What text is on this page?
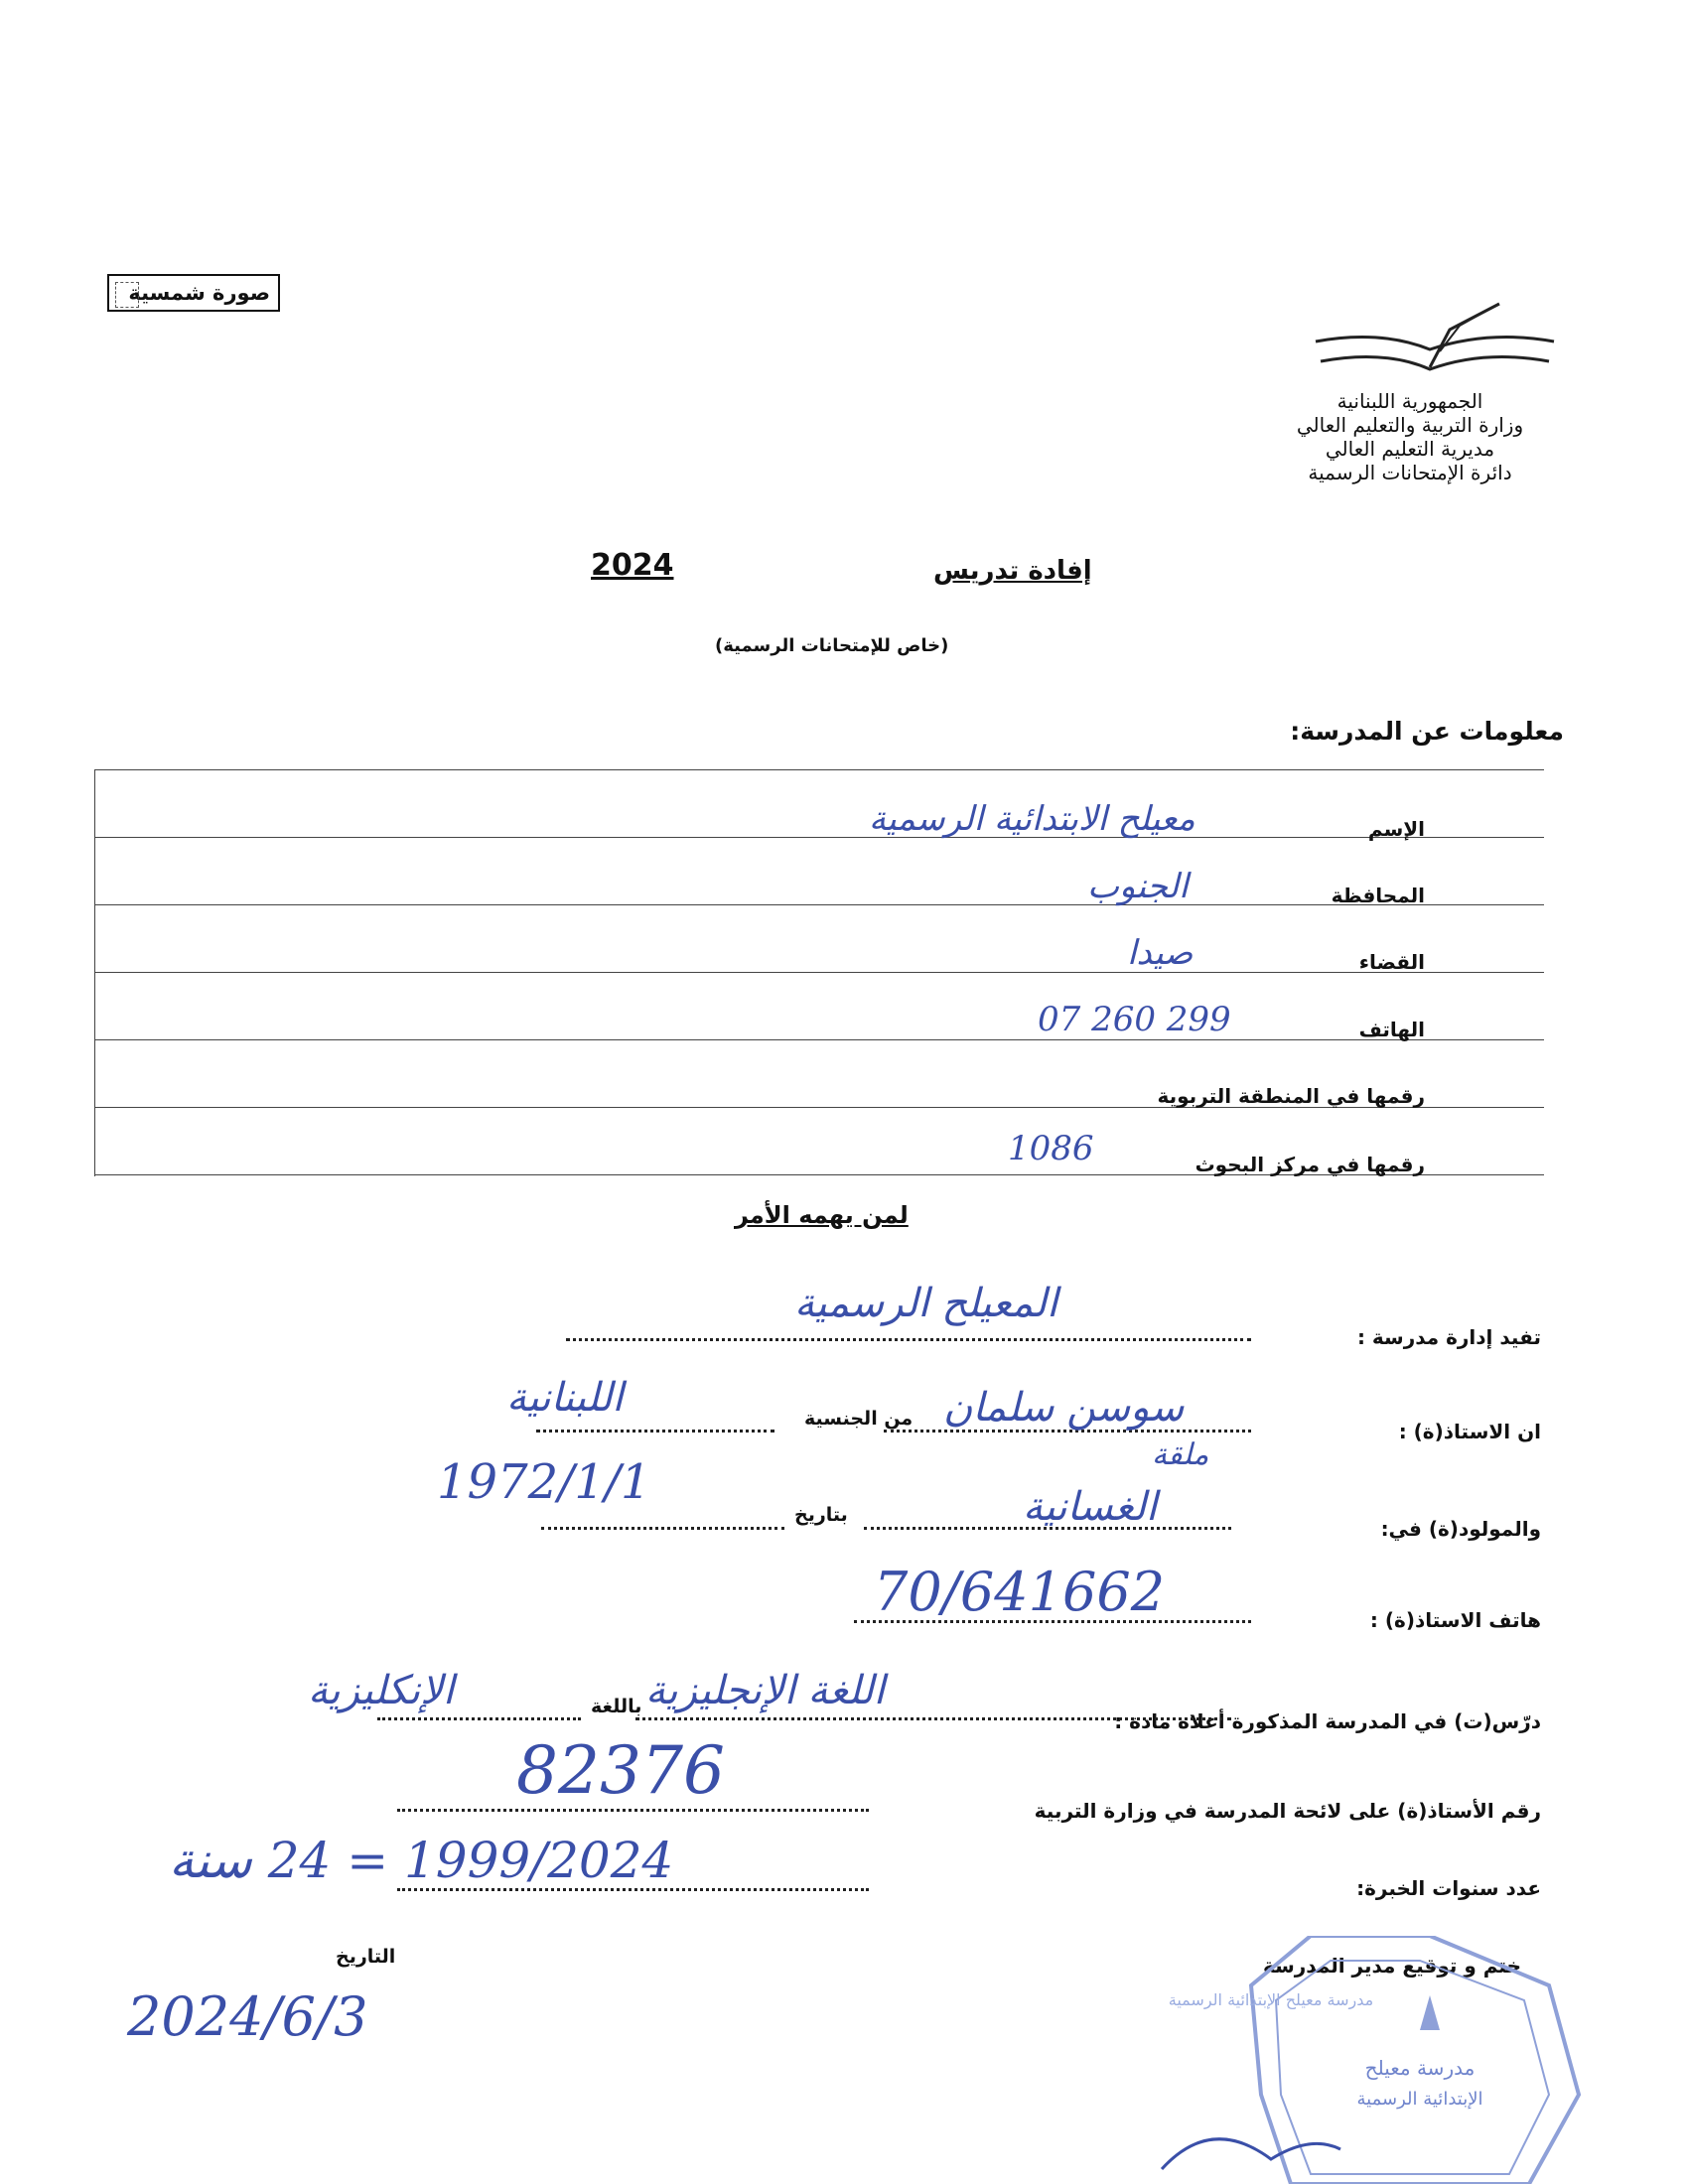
صورة شمسية
الجمهورية اللبنانية
وزارة التربية والتعليم العالي
مديرية التعليم العالي
دائرة الإمتحانات الرسمية
إفادة تدريس
2024
(خاص للإمتحانات الرسمية)
معلومات عن المدرسة:
الإسم
معيلح الابتدائية الرسمية
المحافظة
الجنوب
القضاء
صيدا
الهاتف
07 260 299
رقمها في المنطقة التربوية
رقمها في مركز البحوث
1086
لمن يهمه الأمر
تفيد إدارة مدرسة :
المعيلح الرسمية
ان الاستاذ(ة) :
سوسن سلمان
من الجنسية
اللبنانية
والمولود(ة) في:
الغسانية
ملقة
بتاريخ
1972/1/1
هاتف الاستاذ(ة) :
70/641662
درّس(ت) في المدرسة المذكورة أعلاه مادة :
اللغة الإنجليزية
باللغة
الإنكليزية
رقم الأستاذ(ة) على لائحة المدرسة في وزارة التربية
82376
عدد سنوات الخبرة:
1999/2024 = 24 سنة
التاريخ
2024/6/3
ختم و توقيع مدير المدرسة
مدرسة معيلح
الإبتدائية الرسمية
مدرسة معيلح الإبتدائية الرسمية
